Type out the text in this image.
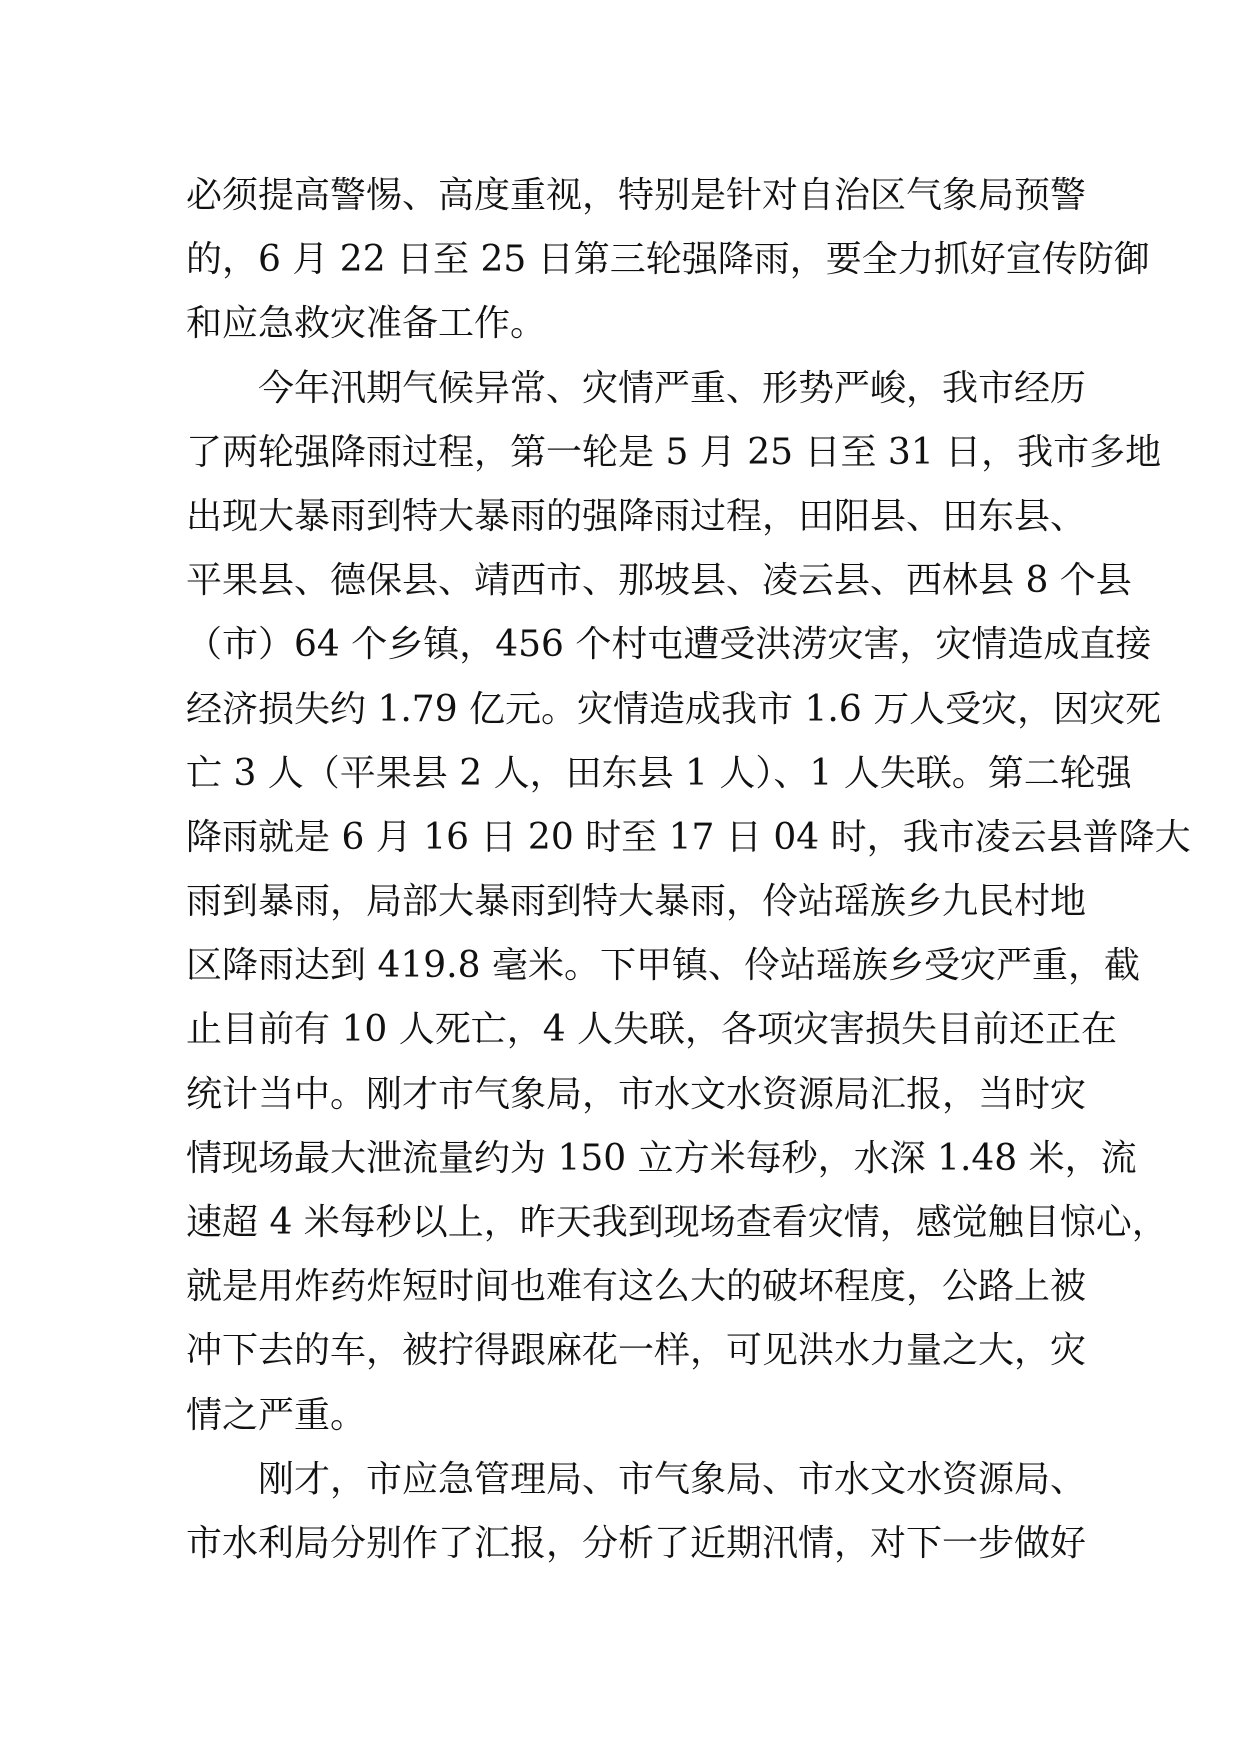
必须提高警惕、高度重视，特别是针对自治区气象局预警
的，6 月 22 日至 25 日第三轮强降雨，要全力抓好宣传防御
和应急救灾准备工作。
　　今年汛期气候异常、灾情严重、形势严峻，我市经历
了两轮强降雨过程，第一轮是 5 月 25 日至 31 日，我市多地
出现大暴雨到特大暴雨的强降雨过程，田阳县、田东县、
平果县、德保县、靖西市、那坡县、凌云县、西林县 8 个县
（市）64 个乡镇，456 个村屯遭受洪涝灾害，灾情造成直接
经济损失约 1.79 亿元。灾情造成我市 1.6 万人受灾，因灾死
亡 3 人（平果县 2 人，田东县 1 人）、1 人失联。第二轮强
降雨就是 6 月 16 日 20 时至 17 日 04 时，我市凌云县普降大
雨到暴雨，局部大暴雨到特大暴雨，伶站瑶族乡九民村地
区降雨达到 419.8 毫米。下甲镇、伶站瑶族乡受灾严重，截
止目前有 10 人死亡，4 人失联，各项灾害损失目前还正在
统计当中。刚才市气象局，市水文水资源局汇报，当时灾
情现场最大泄流量约为 150 立方米每秒，水深 1.48 米，流
速超 4 米每秒以上，昨天我到现场查看灾情，感觉触目惊心，
就是用炸药炸短时间也难有这么大的破坏程度，公路上被
冲下去的车，被拧得跟麻花一样，可见洪水力量之大，灾
情之严重。
　　刚才，市应急管理局、市气象局、市水文水资源局、
市水利局分别作了汇报，分析了近期汛情，对下一步做好
